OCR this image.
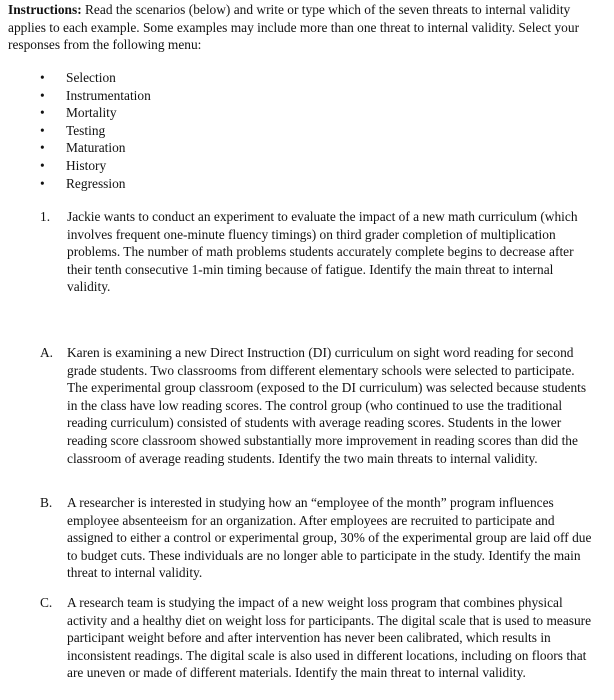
Instructions: Read the scenarios (below) and write or type which of the seven threats to internal validity applies to each example. Some examples may include more than one threat to internal validity. Select your responses from the following menu:

• Selection
• Instrumentation
• Mortality
• Testing
• Maturation
• History
• Regression
1.	Jackie wants to conduct an experiment to evaluate the impact of a new math curriculum (which involves frequent one-minute fluency timings) on third grader completion of multiplication problems. The number of math problems students accurately complete begins to decrease after their tenth consecutive 1-min timing because of fatigue. Identify the main threat to internal validity.
A.	Karen is examining a new Direct Instruction (DI) curriculum on sight word reading for second grade students. Two classrooms from different elementary schools were selected to participate. The experimental group classroom (exposed to the DI curriculum) was selected because students in the class have low reading scores. The control group (who continued to use the traditional reading curriculum) consisted of students with average reading scores. Students in the lower reading score classroom showed substantially more improvement in reading scores than did the classroom of average reading students. Identify the two main threats to internal validity.
B.	A researcher is interested in studying how an “employee of the month” program influences employee absenteeism for an organization. After employees are recruited to participate and assigned to either a control or experimental group, 30% of the experimental group are laid off due to budget cuts. These individuals are no longer able to participate in the study. Identify the main threat to internal validity.
C.	A research team is studying the impact of a new weight loss program that combines physical activity and a healthy diet on weight loss for participants. The digital scale that is used to measure participant weight before and after intervention has never been calibrated, which results in inconsistent readings. The digital scale is also used in different locations, including on floors that are uneven or made of different materials. Identify the main threat to internal validity.
